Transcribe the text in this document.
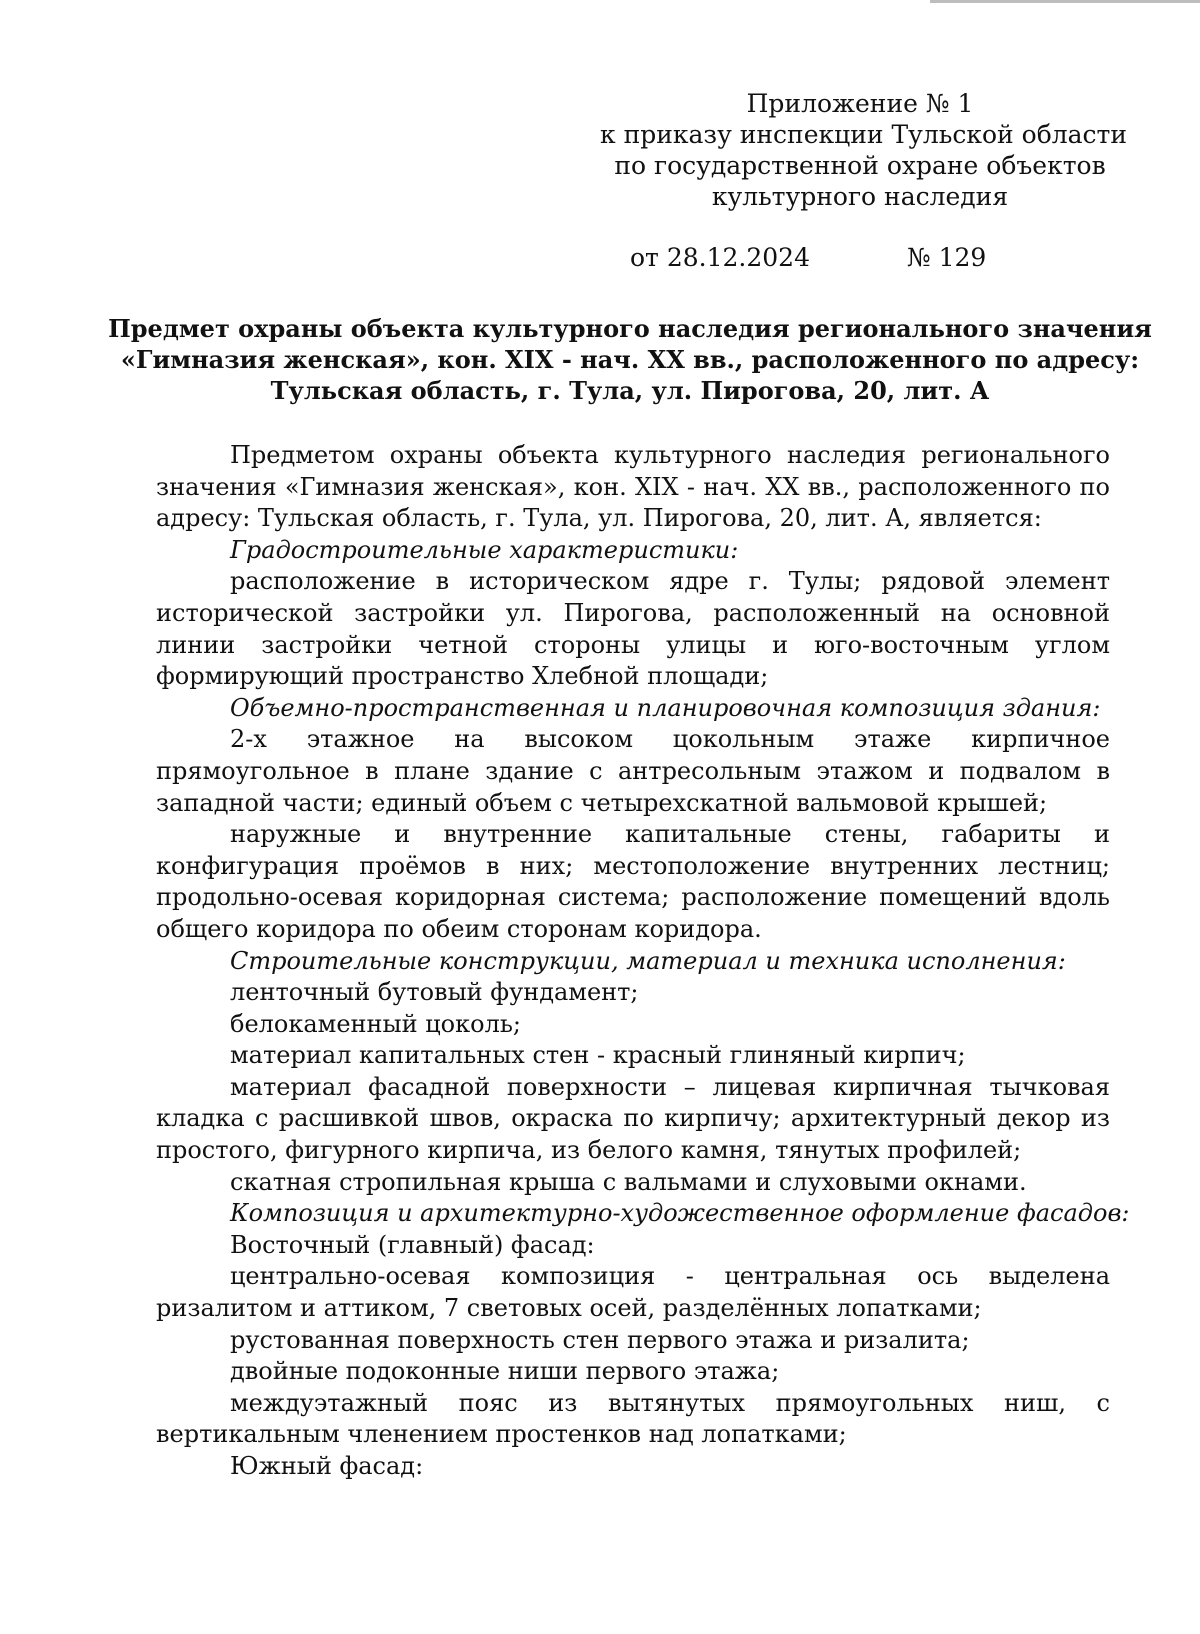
Приложение № 1
к приказу инспекции Тульской области
по государственной охране объектов
культурного наследия
от 28.12.2024	№ 129
Предмет охраны объекта культурного наследия регионального значения
«Гимназия женская», кон. XIX - нач. XX вв., расположенного по адресу:
Тульская область, г. Тула, ул. Пирогова, 20, лит. А

Предметом охраны объекта культурного наследия регионального значения «Гимназия женская», кон. XIX - нач. XX вв., расположенного по адресу: Тульская область, г. Тула, ул. Пирогова, 20, лит. А, является:

Градостроительные характеристики:

расположение в историческом ядре г. Тулы; рядовой элемент исторической застройки ул. Пирогова, расположенный на основной линии застройки четной стороны улицы и юго-восточным углом формирующий пространство Хлебной площади;

Объемно-пространственная и планировочная композиция здания:

2-х этажное на высоком цокольным этаже кирпичное прямоугольное в плане здание с антресольным этажом и подвалом в западной части; единый объем с четырехскатной вальмовой крышей;

наружные и внутренние капитальные стены, габариты и конфигурация проёмов в них; местоположение внутренних лестниц; продольно-осевая коридорная система; расположение помещений вдоль общего коридора по обеим сторонам коридора.

Строительные конструкции, материал и техника исполнения:

ленточный бутовый фундамент;

белокаменный цоколь;

материал капитальных стен - красный глиняный кирпич;

материал фасадной поверхности – лицевая кирпичная тычковая кладка с расшивкой швов, окраска по кирпичу; архитектурный декор из простого, фигурного кирпича, из белого камня, тянутых профилей;

скатная стропильная крыша с вальмами и слуховыми окнами.

Композиция и архитектурно-художественное оформление фасадов:

Восточный (главный) фасад:

центрально-осевая композиция - центральная ось выделена ризалитом и аттиком, 7 световых осей, разделённых лопатками;

рустованная поверхность стен первого этажа и ризалита;

двойные подоконные ниши первого этажа;

междуэтажный пояс из вытянутых прямоугольных ниш, с вертикальным членением простенков над лопатками;

Южный фасад:
